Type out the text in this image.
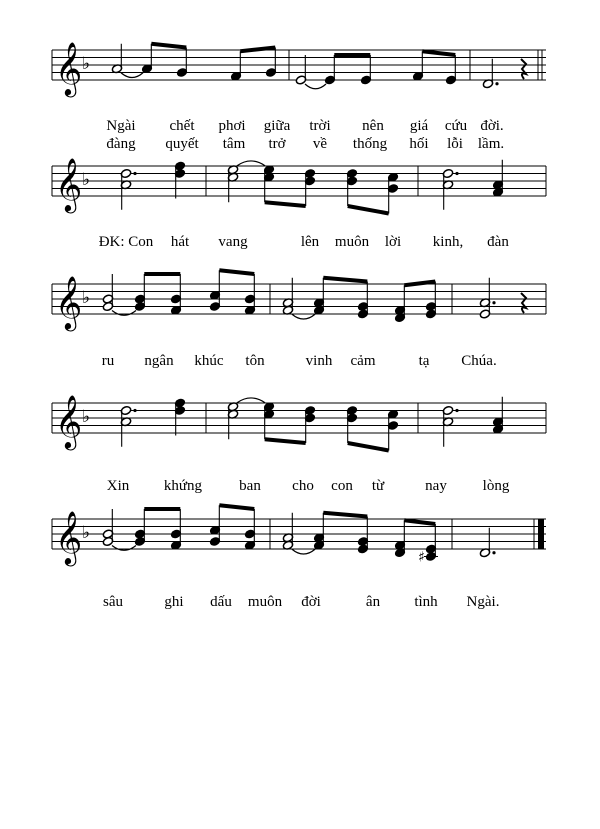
𝄞 ♭
𝄞 ♭
𝄞 ♭
𝄞 ♭
𝄞 ♭
♯
Ngài chết phơi giữa trời nên giá cứu đời.
đàng quyết tâm trở về thống hối lỗi lầm.
ĐK: Con hát vang	lên muôn lời kinh, đàn
ru ngân khúc tôn	vinh cảm	tạ Chúa.
Xin khứng ban cho con từ	nay lòng
sâu	ghi dấu muôn đời	ân tình Ngài.
